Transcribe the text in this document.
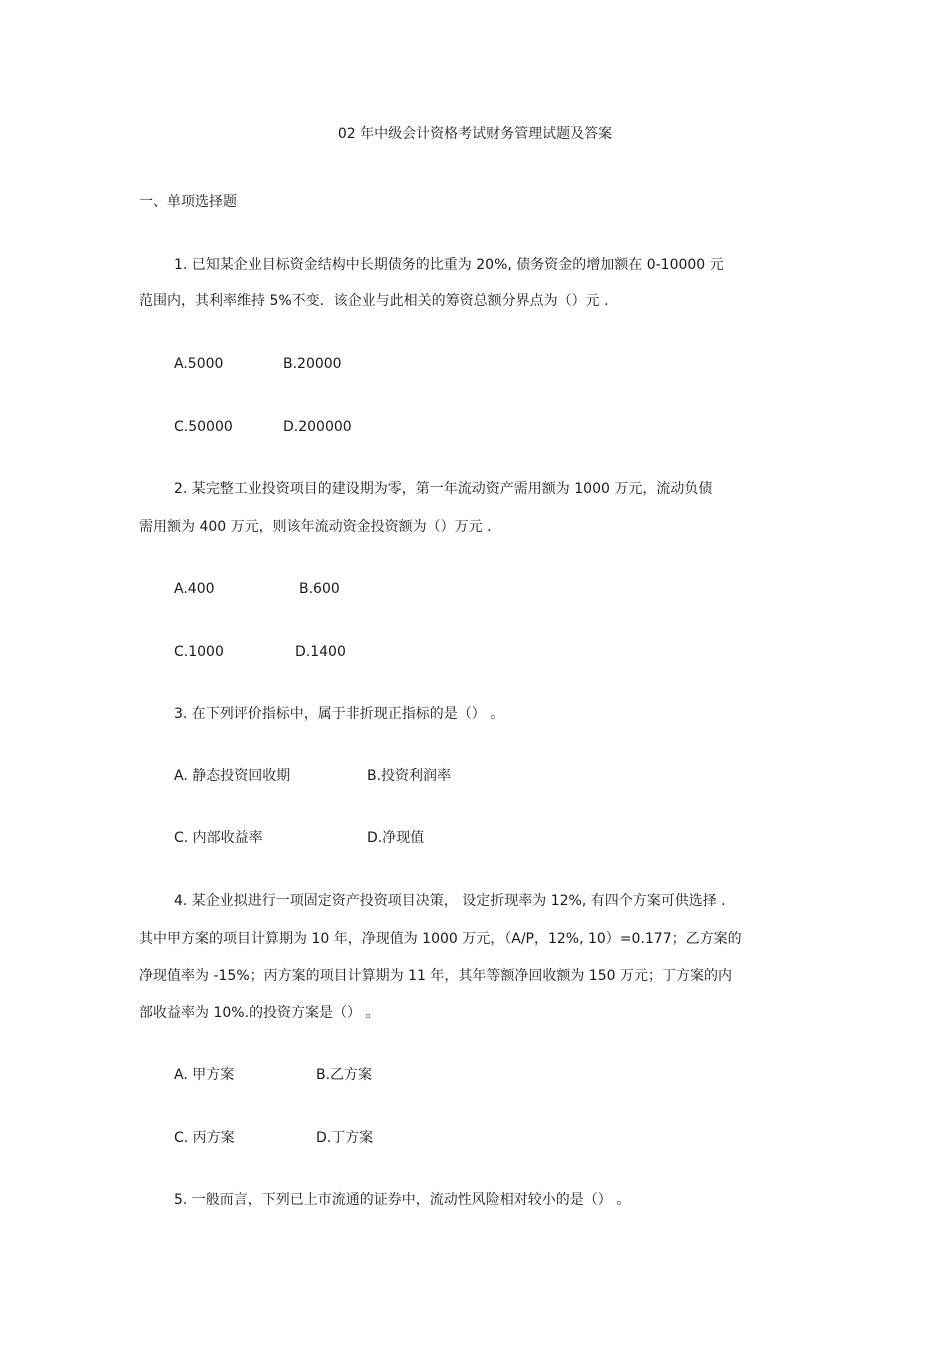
02 年中级会计资格考试财务管理试题及答案
一、单项选择题
1. 已知某企业目标资金结构中长期债务的比重为 20%, 债务资金的增加额在 0-10000 元
范围内，其利率维持 5%不变．该企业与此相关的筹资总额分界点为（）元 .
A.5000	B.20000
C.50000	D.200000
2. 某完整工业投资项目的建设期为零，第一年流动资产需用额为 1000 万元，流动负债
需用额为 400 万元，则该年流动资金投资额为（）万元 .
A.400	B.600
C.1000	D.1400
3. 在下列评价指标中，属于非折现正指标的是（） 。
A. 静态投资回收期	B.投资利润率
C. 内部收益率	D.净现值
4. 某企业拟进行一项固定资产投资项目决策， 设定折现率为 12%, 有四个方案可供选择 .
其中甲方案的项目计算期为 10 年，净现值为 1000 万元，（A/P，12%, 10）=0.177；乙方案的
净现值率为 -15%；丙方案的项目计算期为 11 年，其年等额净回收额为 150 万元；丁方案的内
部收益率为 10%.的投资方案是（） 。
A. 甲方案	B.乙方案
C. 丙方案	D.丁方案
5. 一般而言，下列已上市流通的证券中，流动性风险相对较小的是（） 。
